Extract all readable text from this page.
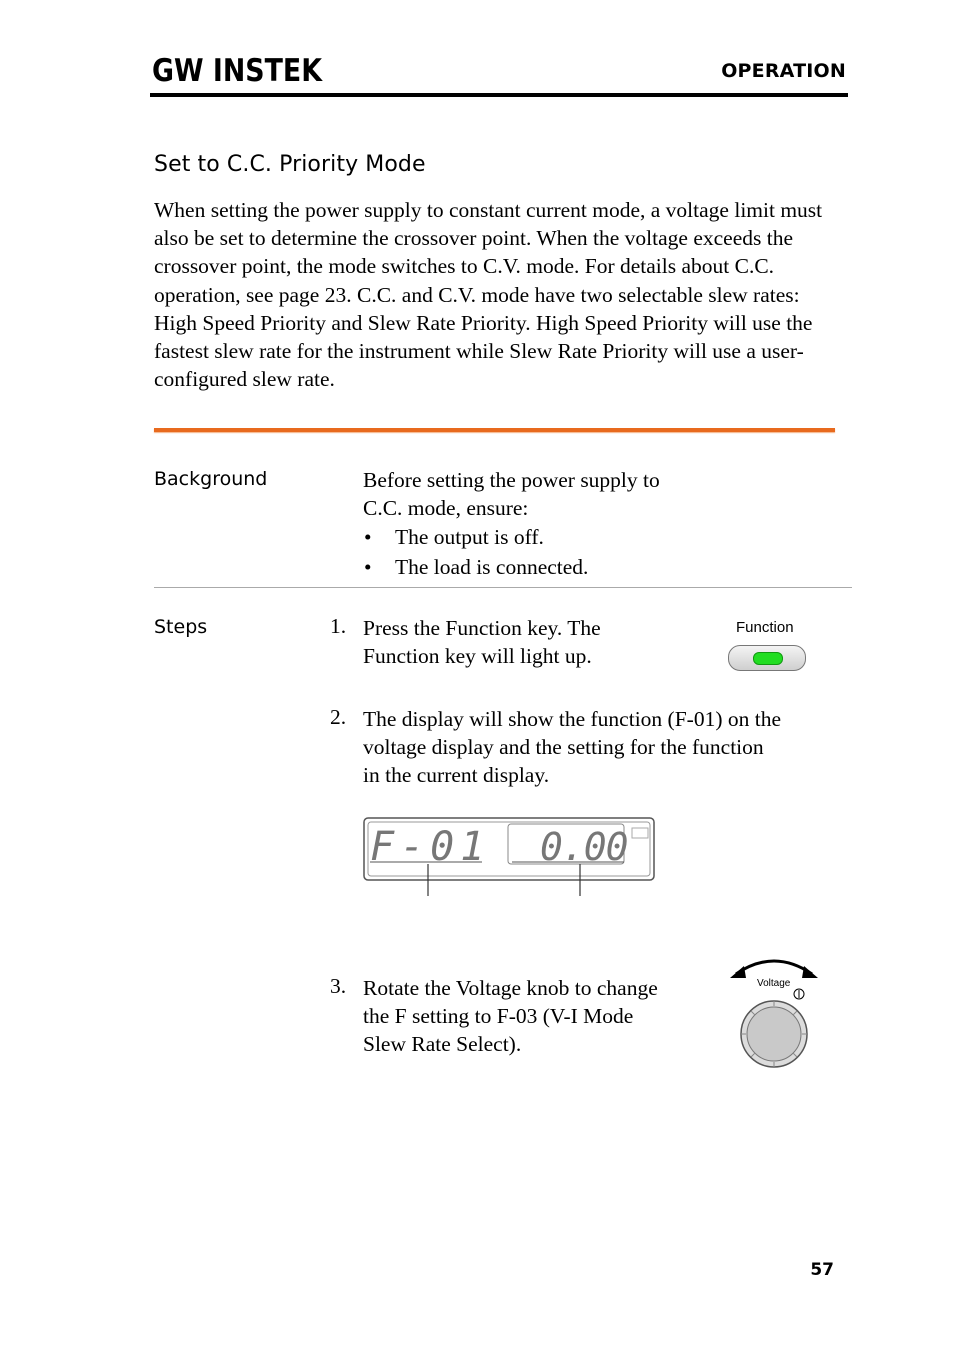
GW INSTEK	OPERATION
Set to C.C. Priority Mode
When setting the power supply to constant current mode, a voltage limit must also be set to determine the crossover point. When the voltage exceeds the crossover point, the mode switches to C.V. mode. For details about C.C. operation, see page 23. C.C. and C.V. mode have two selectable slew rates: High Speed Priority and Slew Rate Priority. High Speed Priority will use the fastest slew rate for the instrument while Slew Rate Priority will use a user-configured slew rate.
Background	Before setting the power supply to
C.C. mode, ensure:
• The output is off.
• The load is connected.
Steps	1. Press the Function key. The
Function key will light up.
Function
2. The display will show the function (F-01) on the
voltage display and the setting for the function
in the current display.
F-01 0.00
3. Rotate the Voltage knob to change
the F setting to F-03 (V-I Mode
Slew Rate Select).
Voltage
57
